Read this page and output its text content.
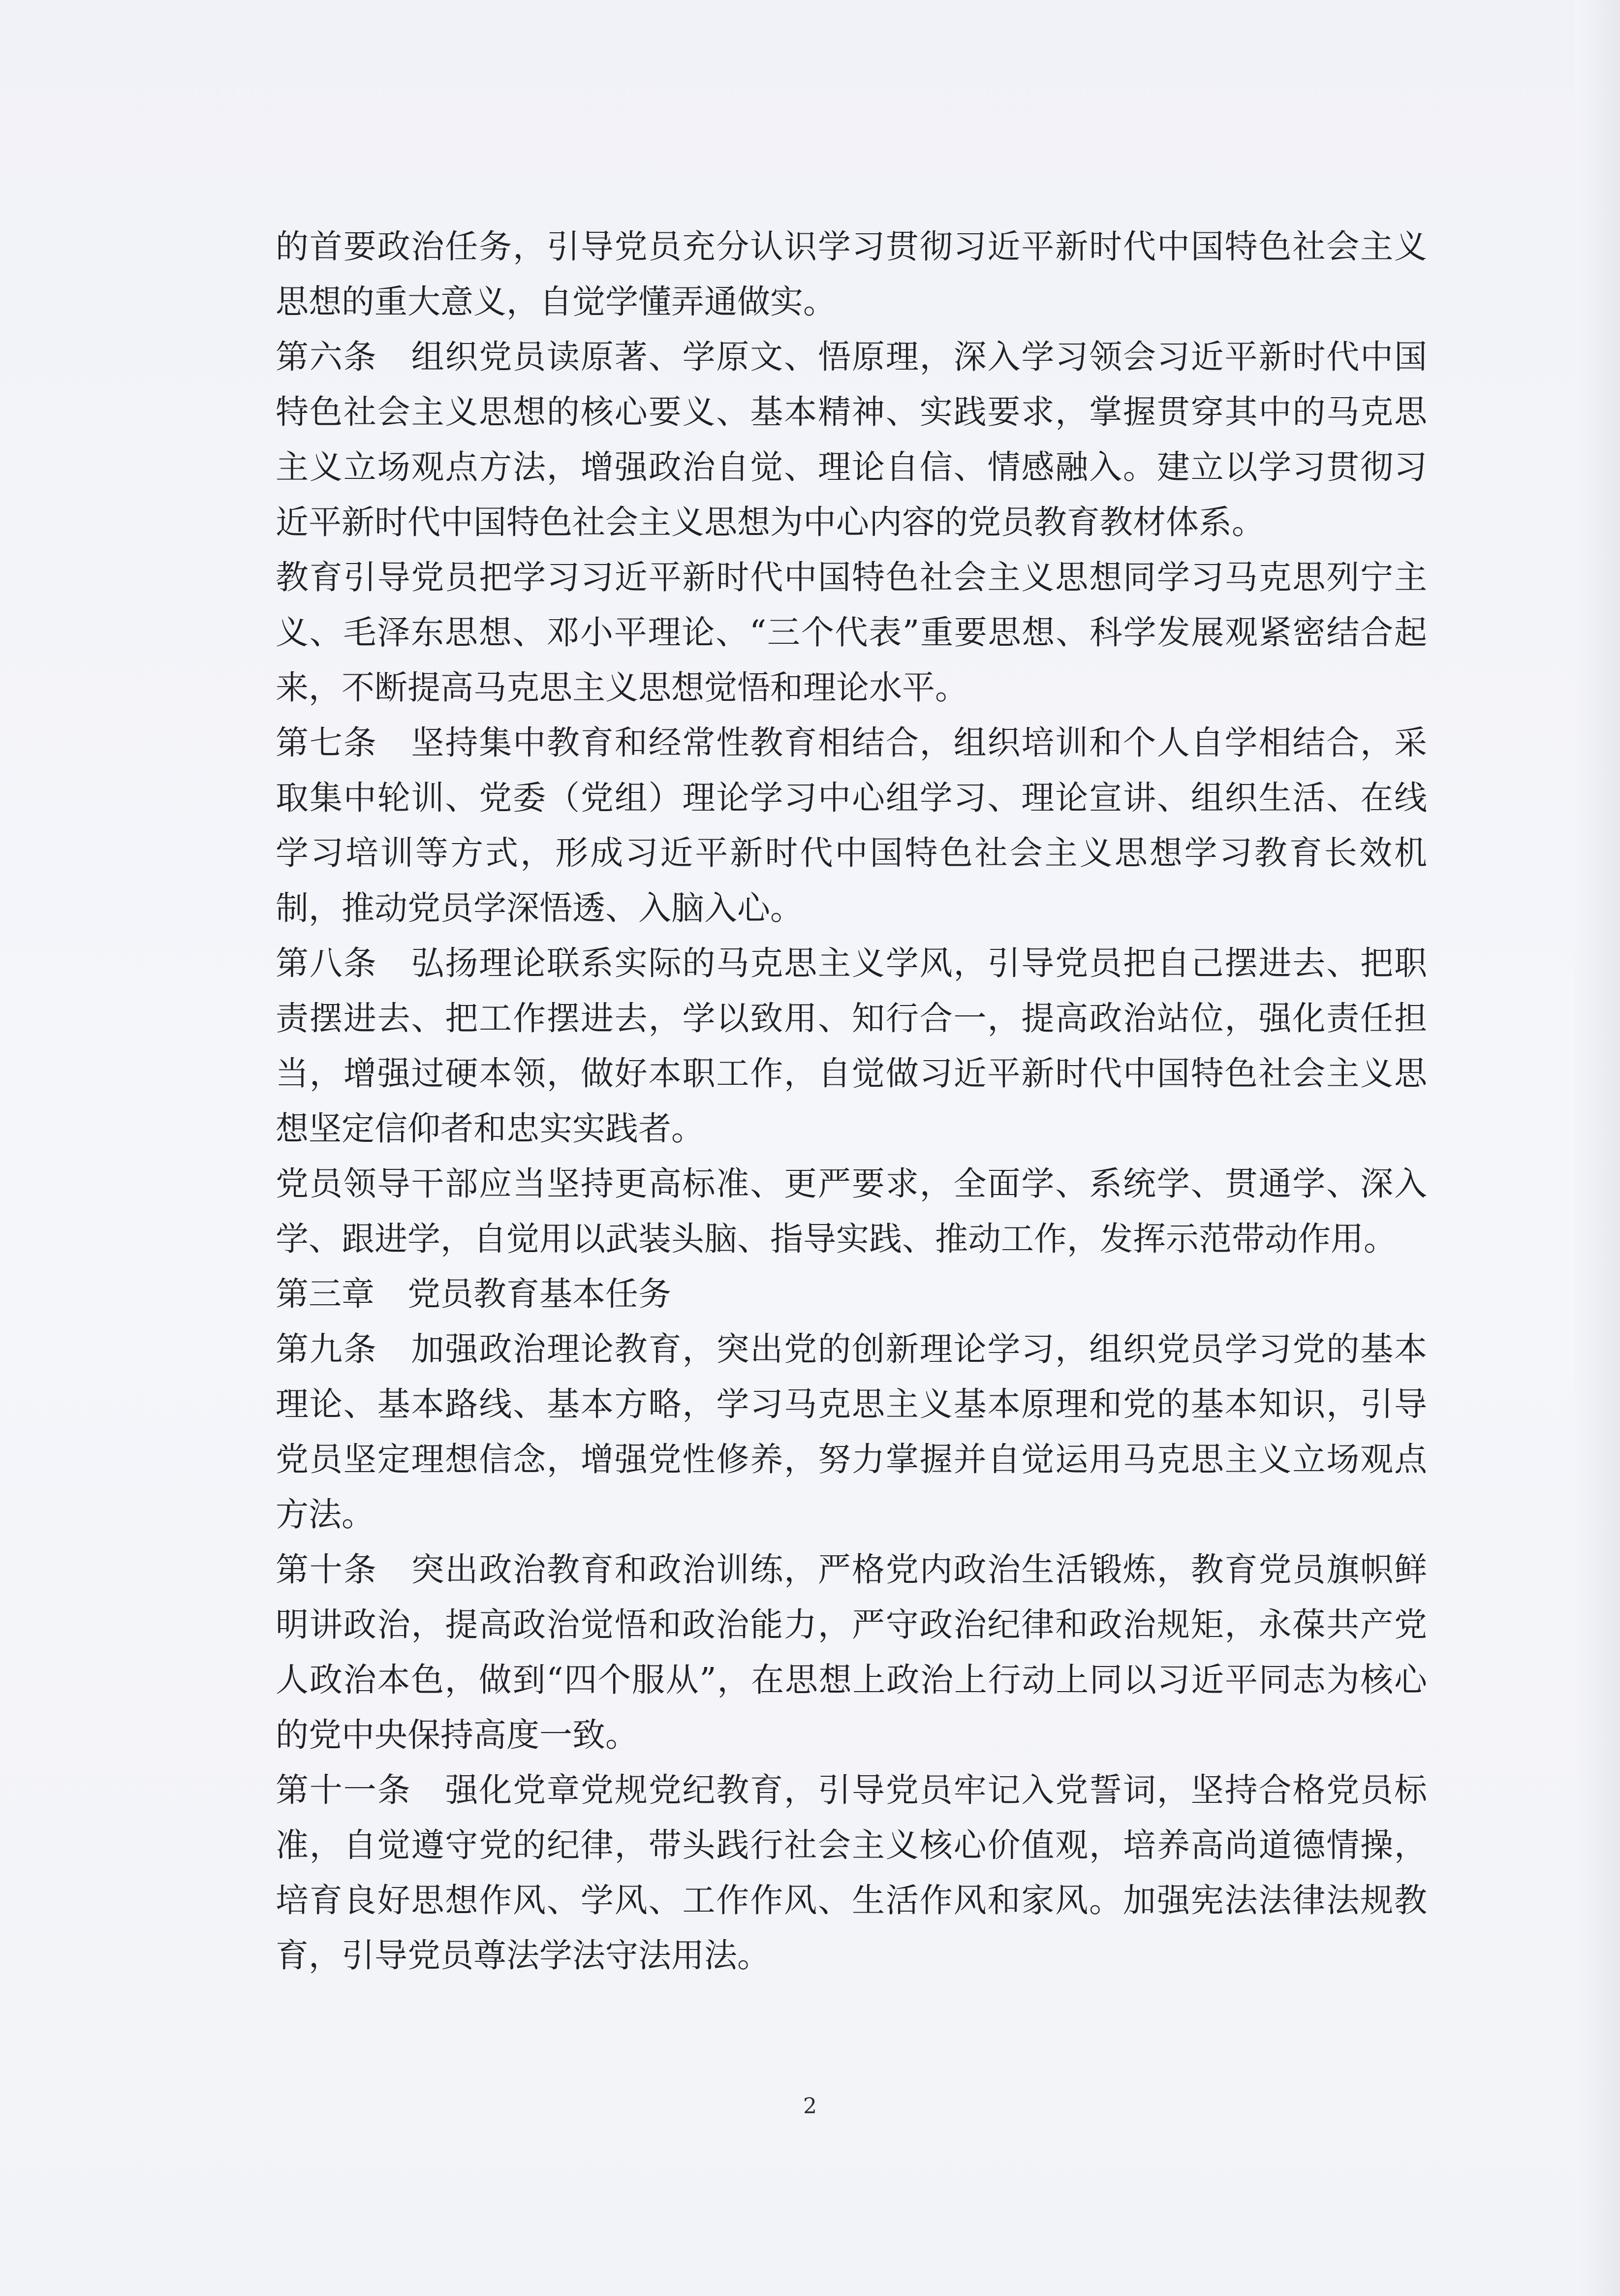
的首要政治任务，引导党员充分认识学习贯彻习近平新时代中国特色社会主义思想的重大意义，自觉学懂弄通做实。

第六条　组织党员读原著、学原文、悟原理，深入学习领会习近平新时代中国特色社会主义思想的核心要义、基本精神、实践要求，掌握贯穿其中的马克思主义立场观点方法，增强政治自觉、理论自信、情感融入。建立以学习贯彻习近平新时代中国特色社会主义思想为中心内容的党员教育教材体系。

教育引导党员把学习习近平新时代中国特色社会主义思想同学习马克思列宁主义、毛泽东思想、邓小平理论、“三个代表”重要思想、科学发展观紧密结合起来，不断提高马克思主义思想觉悟和理论水平。

第七条　坚持集中教育和经常性教育相结合，组织培训和个人自学相结合，采取集中轮训、党委（党组）理论学习中心组学习、理论宣讲、组织生活、在线学习培训等方式，形成习近平新时代中国特色社会主义思想学习教育长效机制，推动党员学深悟透、入脑入心。

第八条　弘扬理论联系实际的马克思主义学风，引导党员把自己摆进去、把职责摆进去、把工作摆进去，学以致用、知行合一，提高政治站位，强化责任担当，增强过硬本领，做好本职工作，自觉做习近平新时代中国特色社会主义思想坚定信仰者和忠实实践者。

党员领导干部应当坚持更高标准、更严要求，全面学、系统学、贯通学、深入学、跟进学，自觉用以武装头脑、指导实践、推动工作，发挥示范带动作用。

第三章　党员教育基本任务

第九条　加强政治理论教育，突出党的创新理论学习，组织党员学习党的基本理论、基本路线、基本方略，学习马克思主义基本原理和党的基本知识，引导党员坚定理想信念，增强党性修养，努力掌握并自觉运用马克思主义立场观点方法。

第十条　突出政治教育和政治训练，严格党内政治生活锻炼，教育党员旗帜鲜明讲政治，提高政治觉悟和政治能力，严守政治纪律和政治规矩，永葆共产党人政治本色，做到“四个服从”，在思想上政治上行动上同以习近平同志为核心的党中央保持高度一致。

第十一条　强化党章党规党纪教育，引导党员牢记入党誓词，坚持合格党员标准，自觉遵守党的纪律，带头践行社会主义核心价值观，培养高尚道德情操，培育良好思想作风、学风、工作作风、生活作风和家风。加强宪法法律法规教育，引导党员尊法学法守法用法。

2
